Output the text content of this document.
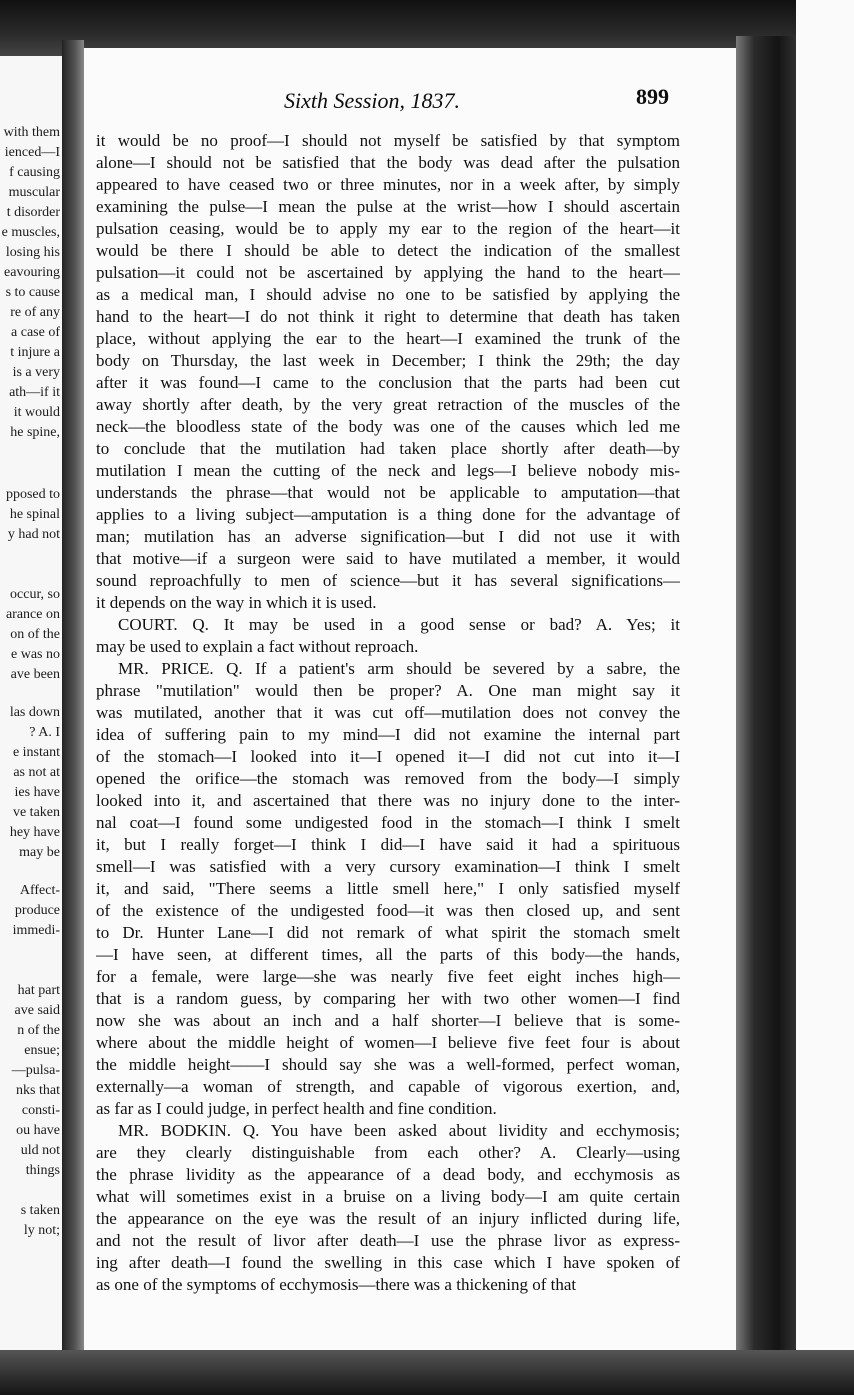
with them
ienced—I
f causing
muscular
t disorder
e muscles,
losing his
eavouring
s to cause
re of any
a case of
t injure a
is a very
ath—if it
it would
he spine,
pposed to
he spinal
y had not
occur, so
arance on
on of the
e was no
ave been
las down
? A. I
e instant
as not at
ies have
ve taken
hey have
may be
Affect-
produce
immedi-
hat part
ave said
n of the
ensue;
—pulsa-
nks that
consti-
ou have
uld not
things
s taken
ly not;
Sixth Session, 1837.	899
it would be no proof—I should not myself be satisfied by that symptom
alone—I should not be satisfied that the body was dead after the pulsation
appeared to have ceased two or three minutes, nor in a week after, by simply
examining the pulse—I mean the pulse at the wrist—how I should ascertain
pulsation ceasing, would be to apply my ear to the region of the heart—it
would be there I should be able to detect the indication of the smallest
pulsation—it could not be ascertained by applying the hand to the heart—
as a medical man, I should advise no one to be satisfied by applying the
hand to the heart—I do not think it right to determine that death has taken
place, without applying the ear to the heart—I examined the trunk of the
body on Thursday, the last week in December; I think the 29th; the day
after it was found—I came to the conclusion that the parts had been cut
away shortly after death, by the very great retraction of the muscles of the
neck—the bloodless state of the body was one of the causes which led me
to conclude that the mutilation had taken place shortly after death—by
mutilation I mean the cutting of the neck and legs—I believe nobody mis-
understands the phrase—that would not be applicable to amputation—that
applies to a living subject—amputation is a thing done for the advantage of
man; mutilation has an adverse signification—but I did not use it with
that motive—if a surgeon were said to have mutilated a member, it would
sound reproachfully to men of science—but it has several significations—
it depends on the way in which it is used.
COURT. Q. It may be used in a good sense or bad? A. Yes; it
may be used to explain a fact without reproach.
MR. PRICE. Q. If a patient's arm should be severed by a sabre, the
phrase "mutilation" would then be proper? A. One man might say it
was mutilated, another that it was cut off—mutilation does not convey the
idea of suffering pain to my mind—I did not examine the internal part
of the stomach—I looked into it—I opened it—I did not cut into it—I
opened the orifice—the stomach was removed from the body—I simply
looked into it, and ascertained that there was no injury done to the inter-
nal coat—I found some undigested food in the stomach—I think I smelt
it, but I really forget—I think I did—I have said it had a spirituous
smell—I was satisfied with a very cursory examination—I think I smelt
it, and said, "There seems a little smell here," I only satisfied myself
of the existence of the undigested food—it was then closed up, and sent
to Dr. Hunter Lane—I did not remark of what spirit the stomach smelt
—I have seen, at different times, all the parts of this body—the hands,
for a female, were large—she was nearly five feet eight inches high—
that is a random guess, by comparing her with two other women—I find
now she was about an inch and a half shorter—I believe that is some-
where about the middle height of women—I believe five feet four is about
the middle height——I should say she was a well-formed, perfect woman,
externally—a woman of strength, and capable of vigorous exertion, and,
as far as I could judge, in perfect health and fine condition.
MR. BODKIN. Q. You have been asked about lividity and ecchymosis;
are they clearly distinguishable from each other? A. Clearly—using
the phrase lividity as the appearance of a dead body, and ecchymosis as
what will sometimes exist in a bruise on a living body—I am quite certain
the appearance on the eye was the result of an injury inflicted during life,
and not the result of livor after death—I use the phrase livor as express-
ing after death—I found the swelling in this case which I have spoken of
as one of the symptoms of ecchymosis—there was a thickening of that
